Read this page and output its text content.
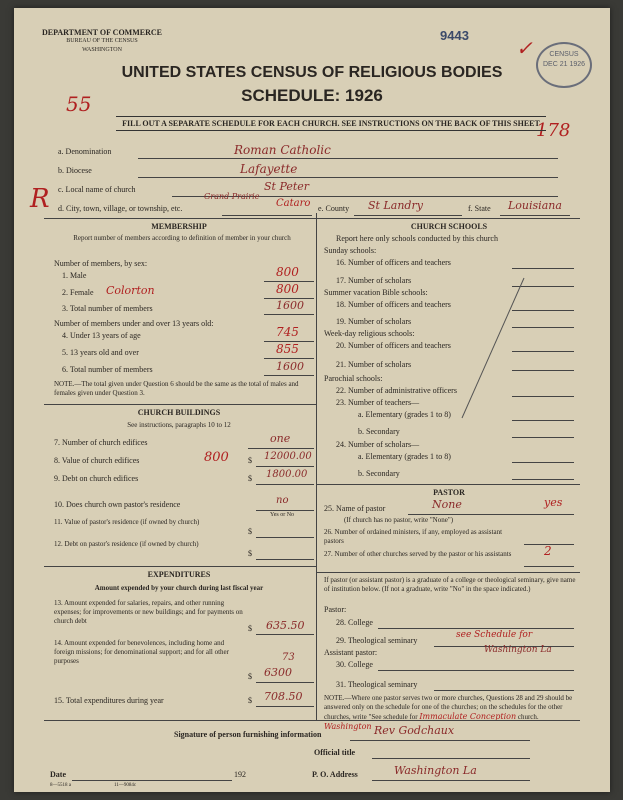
DEPARTMENT OF COMMERCE
BUREAU OF THE CENSUS
WASHINGTON
9443
✓	CENSUS
DEC 21 1926
55
UNITED STATES CENSUS OF RELIGIOUS BODIES
SCHEDULE: 1926
178
FILL OUT A SEPARATE SCHEDULE FOR EACH CHURCH. SEE INSTRUCTIONS ON THE BACK OF THIS SHEET
R
a. Denomination	Roman Catholic
b. Diocese	Lafayette
c. Local name of church	St Peter
d. City, town, village, or township, etc.
Grand Prairie
Cataro e. County St Landry	f. State Louisiana
MEMBERSHIP
Report number of members according to definition of member in your church
Number of members, by sex:
1. Male	800
2. Female Colorton	800
3. Total number of members	1600
Number of members under and over 13 years old:
4. Under 13 years of age	745
5. 13 years old and over	855
6. Total number of members	1600
NOTE.—The total given under Question 6 should be the same as the total of males and females given under Question 3.
CHURCH BUILDINGS
See instructions, paragraphs 10 to 12
7. Number of church edifices	one
8. Value of church edifices	800 $ 12000.00
9. Debt on church edifices	$ 1800.00
10. Does church own pastor's residence	no
Yes or No
11. Value of pastor's residence (if owned by church)
$
12. Debt on pastor's residence (if owned by church)
$
EXPENDITURES
Amount expended by your church during last fiscal year
13. Amount expended for salaries, repairs, and other running expenses; for improvements or new buildings; and for payments on church debt
$ 635.50
14. Amount expended for benevolences, including home and foreign missions; for denominational support; and for all other purposes	73
$ 6300
15. Total expenditures during year	$ 708.50
CHURCH SCHOOLS
Report here only schools conducted by this church
Sunday schools:
16. Number of officers and teachers
17. Number of scholars
Summer vacation Bible schools:
18. Number of officers and teachers
19. Number of scholars
Week-day religious schools:
20. Number of officers and teachers
21. Number of scholars
Parochial schools:
22. Number of administrative officers
23. Number of teachers—
a. Elementary (grades 1 to 8)
b. Secondary
24. Number of scholars—
a. Elementary (grades 1 to 8)
b. Secondary
PASTOR
25. Name of pastor	None	yes
(If church has no pastor, write "None")
26. Number of ordained ministers, if any, employed as assistant pastors
27. Number of other churches served by the pastor or his assistants	2
If pastor (or assistant pastor) is a graduate of a college or theological seminary, give name of institution below. (If not a graduate, write "No" in the space indicated.)
Pastor:
28. College
29. Theological seminary
see Schedule for
Assistant pastor:	Washington La
30. College
31. Theological seminary
NOTE.—Where one pastor serves two or more churches, Questions 28 and 29 should be answered only on the schedule for one of the churches; on the schedules for the other churches, write "See schedule for Immaculate Conception church. Washington
Signature of person furnishing information	Rev Godchaux
Official title
Date	192	P. O. Address	Washington La
8—5518 a	11—9084c
